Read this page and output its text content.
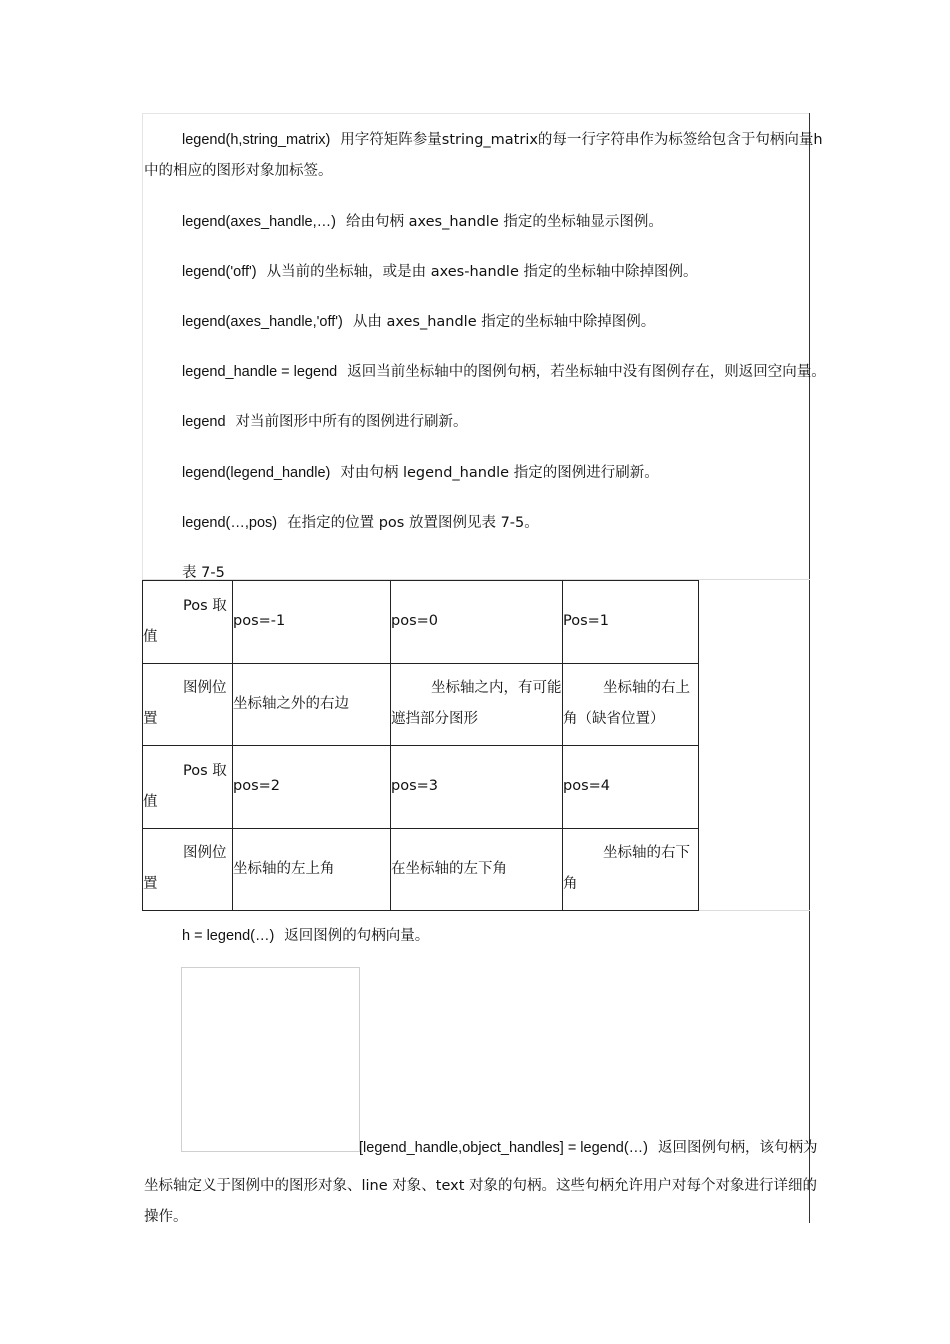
legend(h,string_matrix) 用字符矩阵参量string_matrix的每一行字符串作为标签给包含于句柄向量h
中的相应的图形对象加标签。
legend(axes_handle,…) 给由句柄 axes_handle 指定的坐标轴显示图例。
legend('off') 从当前的坐标轴，或是由 axes-handle 指定的坐标轴中除掉图例。
legend(axes_handle,'off') 从由 axes_handle 指定的坐标轴中除掉图例。
legend_handle = legend 返回当前坐标轴中的图例句柄，若坐标轴中没有图例存在，则返回空向量。
legend 对当前图形中所有的图例进行刷新。
legend(legend_handle) 对由句柄 legend_handle 指定的图例进行刷新。
legend(…,pos) 在指定的位置 pos 放置图例见表 7-5。
表 7-5
Pos 取
值	pos=-1	pos=0	Pos=1

图例位
置	坐标轴之外的右边	坐标轴之内，有可能
遮挡部分图形	坐标轴的右上
角（缺省位置）

Pos 取
值	pos=2	pos=3	pos=4

图例位
置	坐标轴的左上角	在坐标轴的左下角	坐标轴的右下
角
h = legend(…) 返回图例的句柄向量。
[legend_handle,object_handles] = legend(…) 返回图例句柄，该句柄为
坐标轴定义于图例中的图形对象、line 对象、text 对象的句柄。这些句柄允许用户对每个对象进行详细的
操作。
